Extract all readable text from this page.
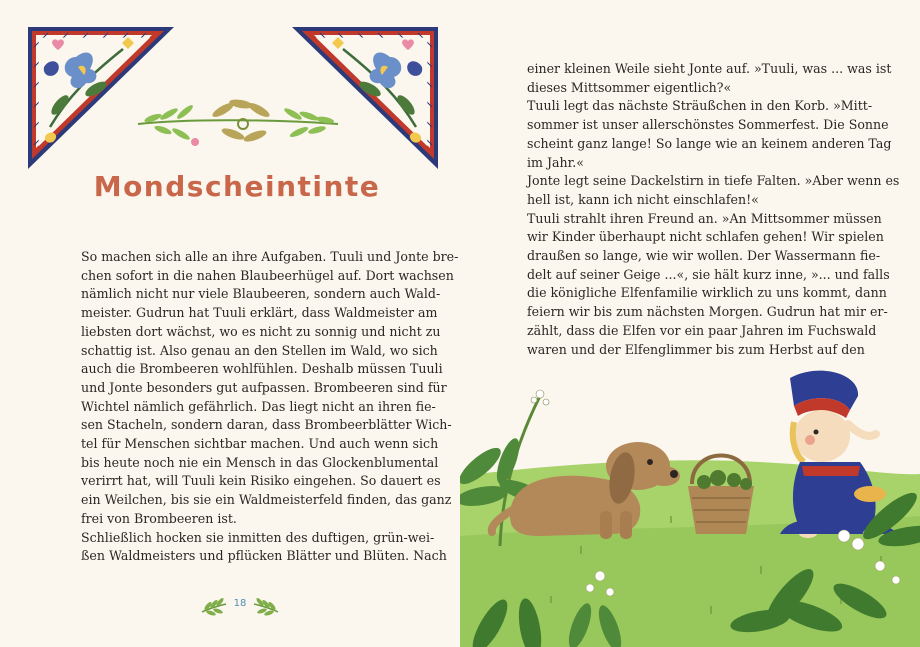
Mondscheintinte
So machen sich alle an ihre Aufgaben. Tuuli und Jonte bre-
chen sofort in die nahen Blaubeerhügel auf. Dort wachsen
nämlich nicht nur viele Blaubeeren, sondern auch Wald-
meister. Gudrun hat Tuuli erklärt, dass Waldmeister am
liebsten dort wächst, wo es nicht zu sonnig und nicht zu
schattig ist. Also genau an den Stellen im Wald, wo sich
auch die Brombeeren wohlfühlen. Deshalb müssen Tuuli
und Jonte besonders gut aufpassen. Brombeeren sind für
Wichtel nämlich gefährlich. Das liegt nicht an ihren fie-
sen Stacheln, sondern daran, dass Brombeerblätter Wich-
tel für Menschen sichtbar machen. Und auch wenn sich
bis heute noch nie ein Mensch in das Glockenblumental
verirrt hat, will Tuuli kein Risiko eingehen. So dauert es
ein Weilchen, bis sie ein Waldmeisterfeld finden, das ganz
frei von Brombeeren ist.
Schließlich hocken sie inmitten des duftigen, grün-wei-
ßen Waldmeisters und pflücken Blätter und Blüten. Nach
18
einer kleinen Weile sieht Jonte auf. »Tuuli, was ... was ist
dieses Mittsommer eigentlich?«
Tuuli legt das nächste Sträußchen in den Korb. »Mitt-
sommer ist unser allerschönstes Sommerfest. Die Sonne
scheint ganz lange! So lange wie an keinem anderen Tag
im Jahr.«
Jonte legt seine Dackelstirn in tiefe Falten. »Aber wenn es
hell ist, kann ich nicht einschlafen!«
Tuuli strahlt ihren Freund an. »An Mittsommer müssen
wir Kinder überhaupt nicht schlafen gehen! Wir spielen
draußen so lange, wie wir wollen. Der Wassermann fie-
delt auf seiner Geige ...«, sie hält kurz inne, »... und falls
die königliche Elfenfamilie wirklich zu uns kommt, dann
feiern wir bis zum nächsten Morgen. Gudrun hat mir er-
zählt, dass die Elfen vor ein paar Jahren im Fuchswald
waren und der Elfenglimmer bis zum Herbst auf den
